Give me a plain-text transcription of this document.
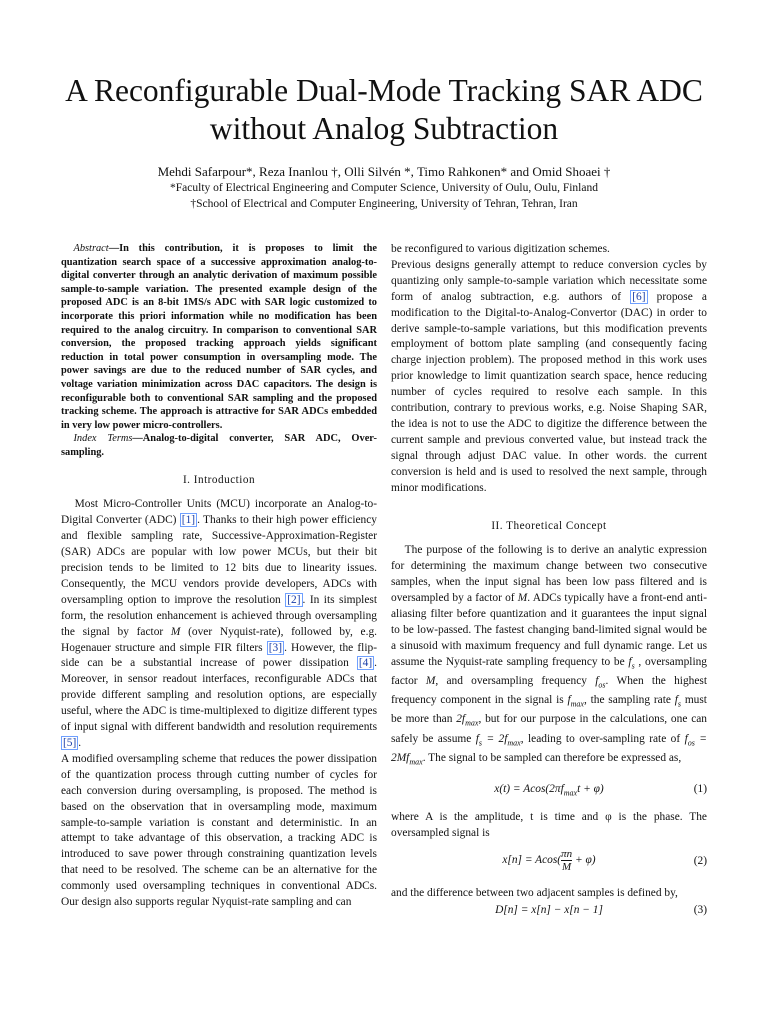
A Reconfigurable Dual-Mode Tracking SAR ADC
without Analog Subtraction
Mehdi Safarpour*, Reza Inanlou †, Olli Silvén *, Timo Rahkonen* and Omid Shoaei †
*Faculty of Electrical Engineering and Computer Science, University of Oulu, Oulu, Finland
†School of Electrical and Computer Engineering, University of Tehran, Tehran, Iran

Abstract—In this contribution, it is proposes to limit the quantization search space of a successive approximation analog-to-digital converter through an analytic derivation of maximum possible sample-to-sample variation. The presented example design of the proposed ADC is an 8-bit 1MS/s ADC with SAR logic customized to incorporate this priori information while no modification has been required to the analog circuitry. In comparison to conventional SAR conversion, the proposed tracking approach yields significant reduction in total power consumption in oversampling mode. The power savings are due to the reduced number of SAR cycles, and voltage variation minimization across DAC capacitors. The design is reconfigurable both to conventional SAR sampling and the proposed tracking scheme. The approach is attractive for SAR ADCs embedded in very low power micro-controllers.

Index Terms—Analog-to-digital converter, SAR ADC, Over-sampling.

I. Introduction

Most Micro-Controller Units (MCU) incorporate an Analog-to-Digital Converter (ADC) [1] . Thanks to their high power efficiency and flexible sampling rate, Successive-Approximation-Register (SAR) ADCs are popular with low power MCUs, but their bit precision tends to be limited to 12 bits due to linearity issues. Consequently, the MCU vendors provide developers, ADCs with oversampling option to improve the resolution [2] . In its simplest form, the resolution enhancement is achieved through oversampling the signal by factor M (over Nyquist-rate), followed by, e.g. Hogenauer structure and simple FIR filters [3] . However, the flip-side can be a substantial increase of power dissipation [4] . Moreover, in sensor readout interfaces, reconfigurable ADCs that provide different sampling and resolution options, are especially useful, where the ADC is time-multiplexed to digitize different types of input signal with different bandwidth and resolution requirements [5] .

A modified oversampling scheme that reduces the power dissipation of the quantization process through cutting number of cycles for each conversion during oversampling, is proposed. The method is based on the observation that in oversampling mode, maximum sample-to-sample variation is constant and deterministic. In an attempt to take advantage of this observation, a tracking ADC is introduced to save power through constraining quantization levels that need to be resolved. The scheme can be an alternative for the commonly used oversampling techniques in conventional ADCs. Our design also supports regular Nyquist-rate sampling and can

be reconfigured to various digitization schemes.

Previous designs generally attempt to reduce conversion cycles by quantizing only sample-to-sample variation which necessitate some form of analog subtraction, e.g. authors of [6] propose a modification to the Digital-to-Analog-Convertor (DAC) in order to derive sample-to-sample variations, but this modification prevents employment of bottom plate sampling (and consequently facing charge injection problem). The proposed method in this work uses prior knowledge to limit quantization search space, hence reducing number of cycles required to resolve each sample. In this contribution, contrary to previous works, e.g. Noise Shaping SAR, the idea is not to use the ADC to digitize the difference between the current sample and previous converted value, but instead track the signal through adjust DAC value. In other words. the current conversion is held and is used to resolved the next sample, through minor modifications.

II. Theoretical Concept

The purpose of the following is to derive an analytic expression for determining the maximum change between two consecutive samples, when the input signal has been low pass filtered and is oversampled by a factor of M. ADCs typically have a front-end anti-aliasing filter before quantization and it guarantees the input signal to be low-passed. The fastest changing band-limited signal would be a sinusoid with maximum frequency and full dynamic range. Let us assume the Nyquist-rate sampling frequency to be $f_s$ , oversampling factor M, and oversampling frequency $f_{os}$. When the highest frequency component in the signal is $f_{max}$, the sampling rate $f_s$ must be more than $2f_{max}$, but for our purpose in the calculations, one can safely be assume $f_s = 2f_{max}$, leading to over-sampling rate of $f_{os} = 2Mf_{max}$. The signal to be sampled can therefore be expressed as,

$x(t) = Acos(2\pi f_{max}t + \varphi)$	(1)

where A is the amplitude, t is time and φ is the phase. The oversampled signal is

$x[n] = Acos( \frac{\pi n}{M} + \varphi)$	(2)

and the difference between two adjacent samples is defined by,

D[n] = x[n] − x[n − 1]	(3)
